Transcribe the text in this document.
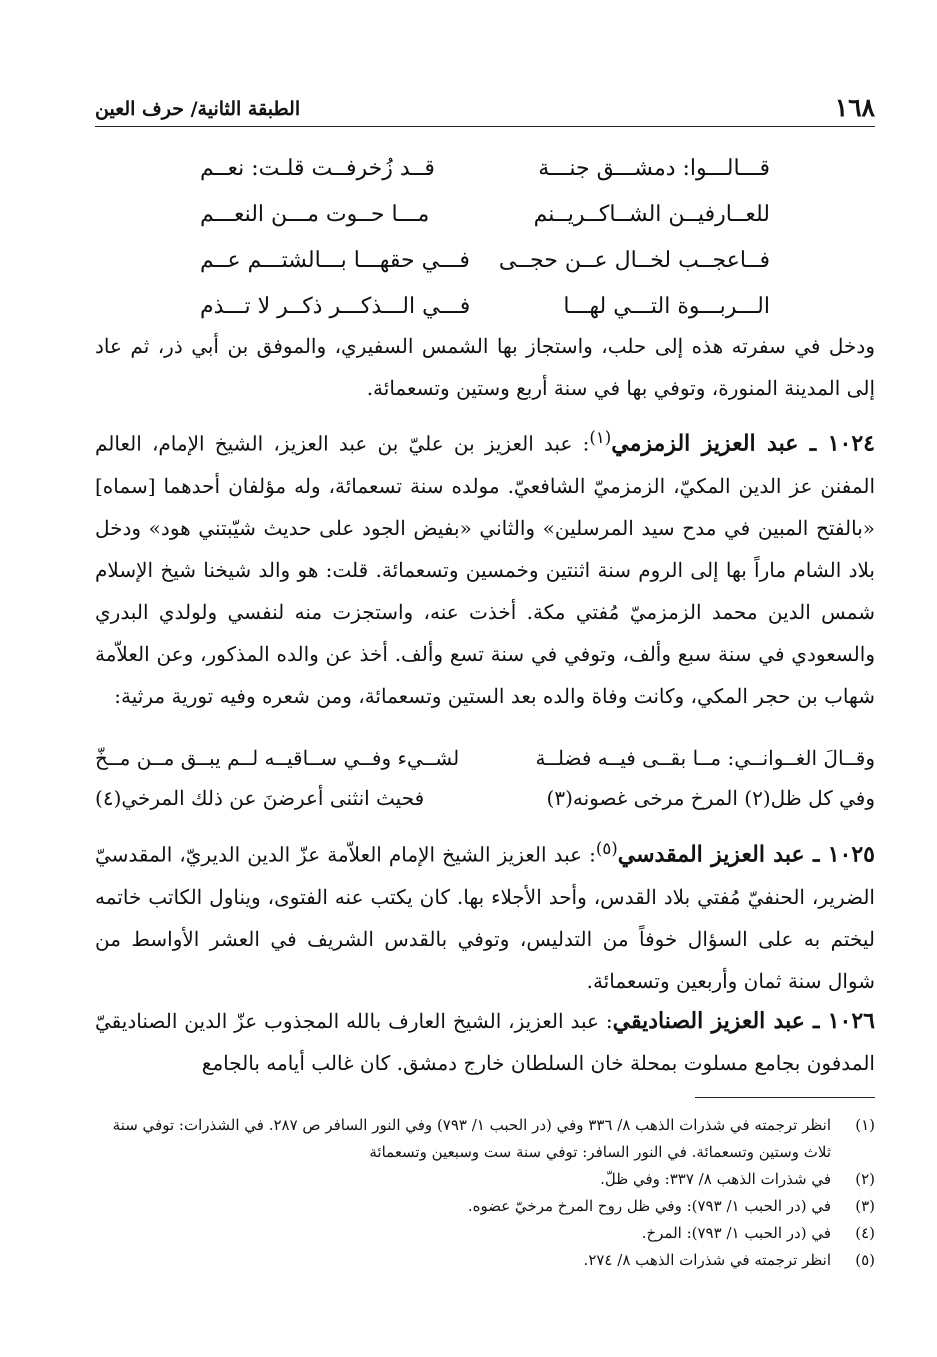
١٦٨
الطبقة الثانية/ حرف العين
قـــالـــوا: دمشـــق جنـــة
قــد زُخرفــت قلـت: نعــم
للعــارفيــن الشــاكــريــنم
مـــا حــوت مـــن النعـــم
فــاعجــب لخــال عــن حجــى
فـــي حقهـــا بـــالشتـــم عــم
الـــربـــوة التـــي لهـــا
فـــي الـــذكـــر ذكــر لا تـــذم

ودخل في سفرته هذه إلى حلب، واستجاز بها الشمس السفيري، والموفق بن أبي ذر، ثم عاد إلى المدينة المنورة، وتوفي بها في سنة أربع وستين وتسعمائة.

١٠٢٤ ـ عبد العزيز الزمزمي$^{(١)}$: عبد العزيز بن عليّ بن عبد العزيز، الشيخ الإمام، العالم المفنن عز الدين المكيّ، الزمزميّ الشافعيّ. مولده سنة تسعمائة، وله مؤلفان أحدهما [سماه] «بالفتح المبين في مدح سيد المرسلين» والثاني «بفيض الجود على حديث شيّبتني هود» ودخل بلاد الشام ماراً بها إلى الروم سنة اثنتين وخمسين وتسعمائة. قلت: هو والد شيخنا شيخ الإسلام شمس الدين محمد الزمزميّ مُفتي مكة. أخذت عنه، واستجزت منه لنفسي ولولدي البدري والسعودي في سنة سبع وألف، وتوفي في سنة تسع وألف. أخذ عن والده المذكور، وعن العلاّمة شهاب بن حجر المكي، وكانت وفاة والده بعد الستين وتسعمائة، ومن شعره وفيه تورية مرثية:

وقــالَ الغــوانــي: مــا بقــى فيــه فضلــة
لشــيء وفــي ســاقيــه لــم يبــق مــن مــخّ
وفي كل ظل(٢) المرخ مرخى غصونه(٣)
فحيث انثنى أعرضنَ عن ذلك المرخي(٤)

١٠٢٥ ـ عبد العزيز المقدسي$^{(٥)}$: عبد العزيز الشيخ الإمام العلاّمة عزّ الدين الديريّ، المقدسيّ الضرير، الحنفيّ مُفتي بلاد القدس، وأحد الأجلاء بها. كان يكتب عنه الفتوى، ويناول الكاتب خاتمه ليختم به على السؤال خوفاً من التدليس، وتوفي بالقدس الشريف في العشر الأواسط من شوال سنة ثمان وأربعين وتسعمائة.

١٠٢٦ ـ عبد العزيز الصناديقي: عبد العزيز، الشيخ العارف بالله المجذوب عزّ الدين الصناديقيّ المدفون بجامع مسلوت بمحلة خان السلطان خارج دمشق. كان غالب أيامه بالجامع

(١)
انظر ترجمته في شذرات الذهب ٨/ ٣٣٦ وفي (در الحبب ١/ ٧٩٣) وفي النور السافر ص ٢٨٧. في الشذرات: توفي سنة ثلاث وستين وتسعمائة. في النور السافر: توفي سنة ست وسبعين وتسعمائة
(٢)
في شذرات الذهب ٨/ ٣٣٧: وفي ظلّ.
(٣)
في (در الحبب ١/ ٧٩٣): وفي ظل روح المرخ مرخيّ عضوه.
(٤)
في (در الحبب ١/ ٧٩٣): المرخ.
(٥)
انظر ترجمته في شذرات الذهب ٨/ ٢٧٤.
